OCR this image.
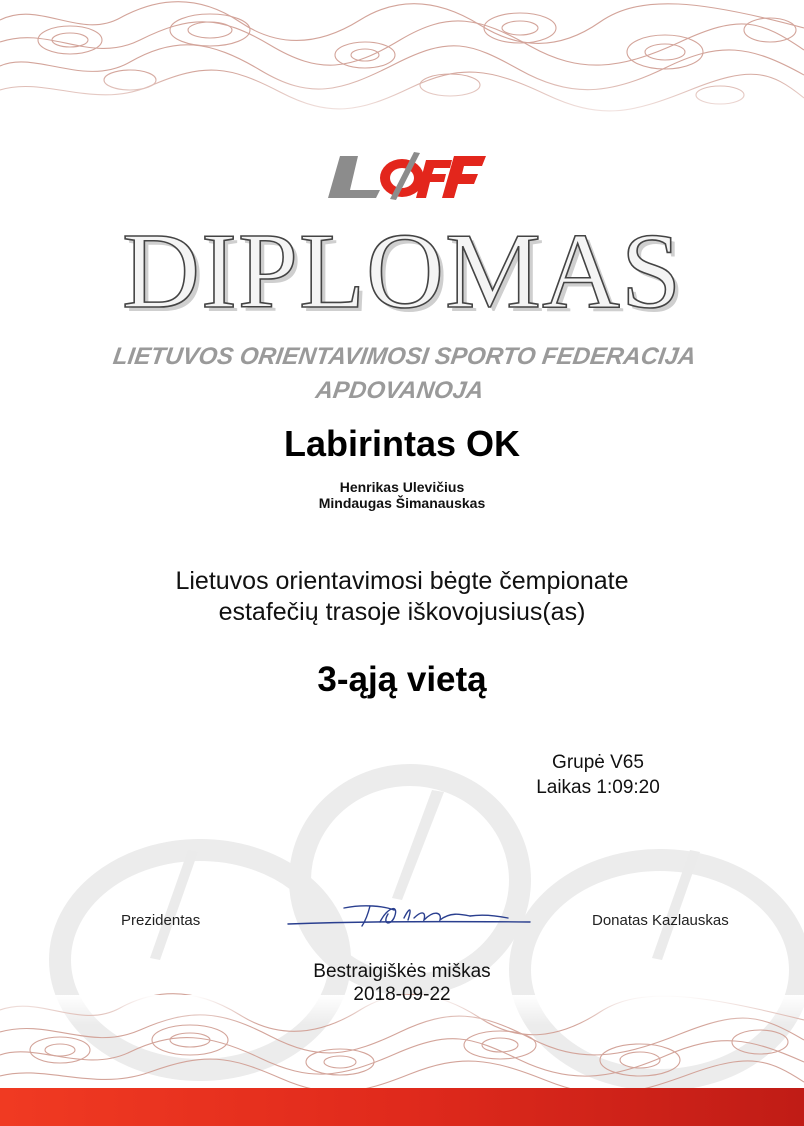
DIPLOMAS
LIETUVOS ORIENTAVIMOSI SPORTO FEDERACIJA
APDOVANOJA
Labirintas OK
Henrikas Ulevičius
Mindaugas Šimanauskas
Lietuvos orientavimosi bėgte čempionate
estafečių trasoje iškovojusius(as)
3-ąją vietą
Grupė V65
Laikas 1:09:20
Prezidentas	Donatas Kazlauskas
Bestraigiškės miškas
2018-09-22
